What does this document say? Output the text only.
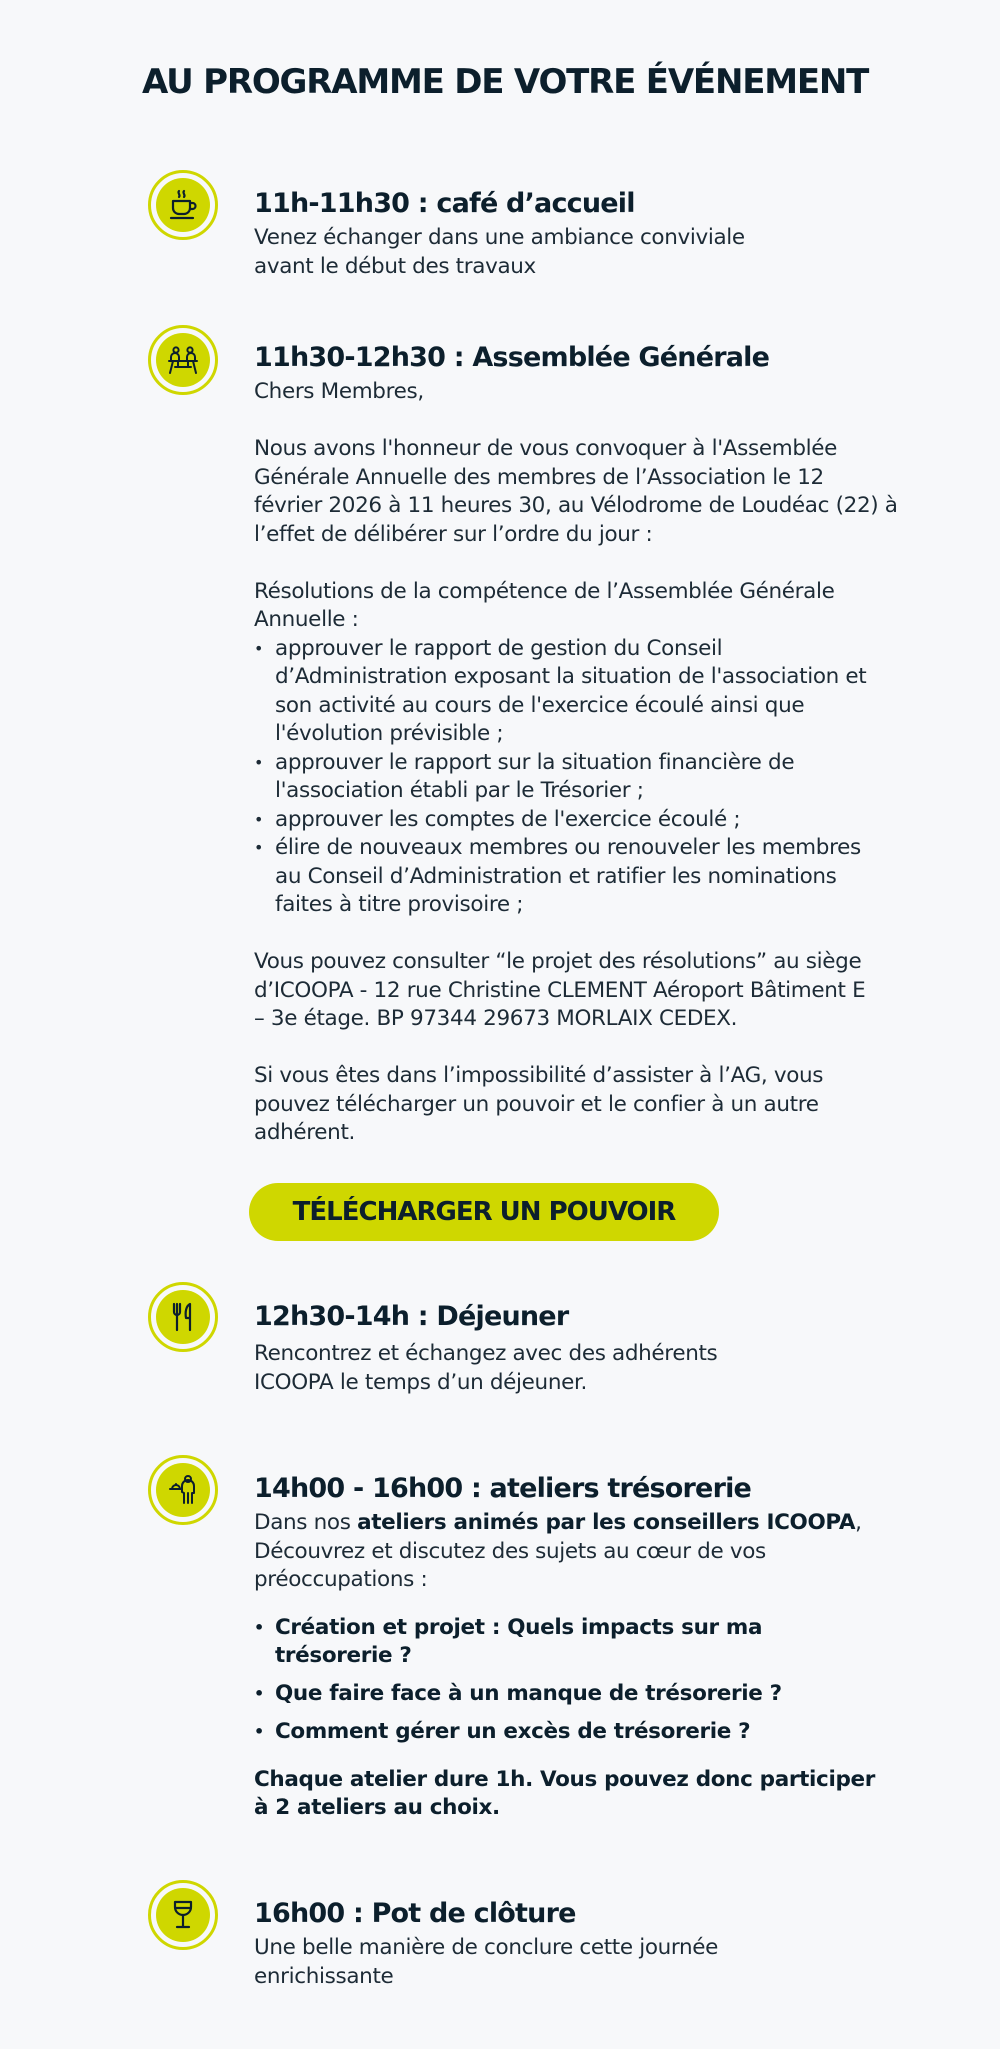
AU PROGRAMME DE VOTRE ÉVÉNEMENT
11h-11h30 : café d’accueil
Venez échanger dans une ambiance conviviale
avant le début des travaux
11h30-12h30 : Assemblée Générale
Chers Membres,
Nous avons l'honneur de vous convoquer à l'Assemblée
Générale Annuelle des membres de l’Association le 12
février 2026 à 11 heures 30, au Vélodrome de Loudéac (22) à
l’effet de délibérer sur l’ordre du jour :
Résolutions de la compétence de l’Assemblée Générale
Annuelle :
• approuver le rapport de gestion du Conseil
d’Administration exposant la situation de l'association et
son activité au cours de l'exercice écoulé ainsi que
l'évolution prévisible ;
• approuver le rapport sur la situation financière de
l'association établi par le Trésorier ;
• approuver les comptes de l'exercice écoulé ;
• élire de nouveaux membres ou renouveler les membres
au Conseil d’Administration et ratifier les nominations
faites à titre provisoire ;
Vous pouvez consulter “le projet des résolutions” au siège
d’ICOOPA - 12 rue Christine CLEMENT Aéroport Bâtiment E
– 3e étage. BP 97344 29673 MORLAIX CEDEX.
Si vous êtes dans l’impossibilité d’assister à l’AG, vous
pouvez télécharger un pouvoir et le confier à un autre
adhérent.
TÉLÉCHARGER UN POUVOIR
12h30-14h : Déjeuner
Rencontrez et échangez avec des adhérents
ICOOPA le temps d’un déjeuner.
14h00 - 16h00 : ateliers trésorerie
Dans nos ateliers animés par les conseillers ICOOPA,
Découvrez et discutez des sujets au cœur de vos
préoccupations :
• Création et projet : Quels impacts sur ma
trésorerie ?
• Que faire face à un manque de trésorerie ?
• Comment gérer un excès de trésorerie ?
Chaque atelier dure 1h. Vous pouvez donc participer
à 2 ateliers au choix.
16h00 : Pot de clôture
Une belle manière de conclure cette journée
enrichissante
